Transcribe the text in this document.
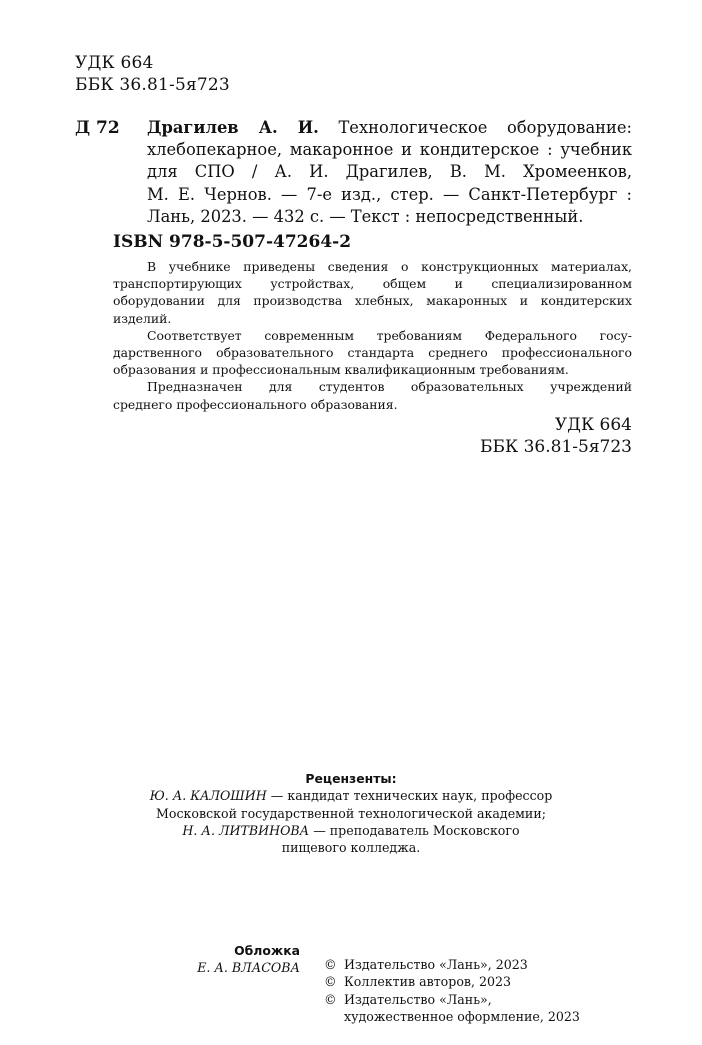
УДК 664
ББК 36.81-5я723
Д 72 Драгилев А. И. Технологическое оборудование:
хлебопекарное, макаронное и кондитерское : учебник
для СПО / А. И. Драгилев, В. М. Хромеенков,
М. Е. Чернов. — 7-е изд., стер. — Санкт-Петербург :
Лань, 2023. — 432 с. — Текст : непосредственный.
ISBN 978-5-507-47264-2
В учебнике приведены сведения о конструкционных материалах,
транспортирующих устройствах, общем и специализированном
оборудовании для производства хлебных, макаронных и кондитерских
изделий.
Соответствует современным требованиям Федерального госу-
дарственного образовательного стандарта среднего профессионального
образования и профессиональным квалификационным требованиям.
Предназначен для студентов образовательных учреждений
среднего профессионального образования.
УДК 664
ББК 36.81-5я723
Рецензенты:
Ю. А. КАЛОШИН — кандидат технических наук, профессор
Московской государственной технологической академии;
Н. А. ЛИТВИНОВА — преподаватель Московского
пищевого колледжа.
Обложка
Е. А. ВЛАСОВА © Издательство «Лань», 2023
© Коллектив авторов, 2023
© Издательство «Лань»,
художественное оформление, 2023
